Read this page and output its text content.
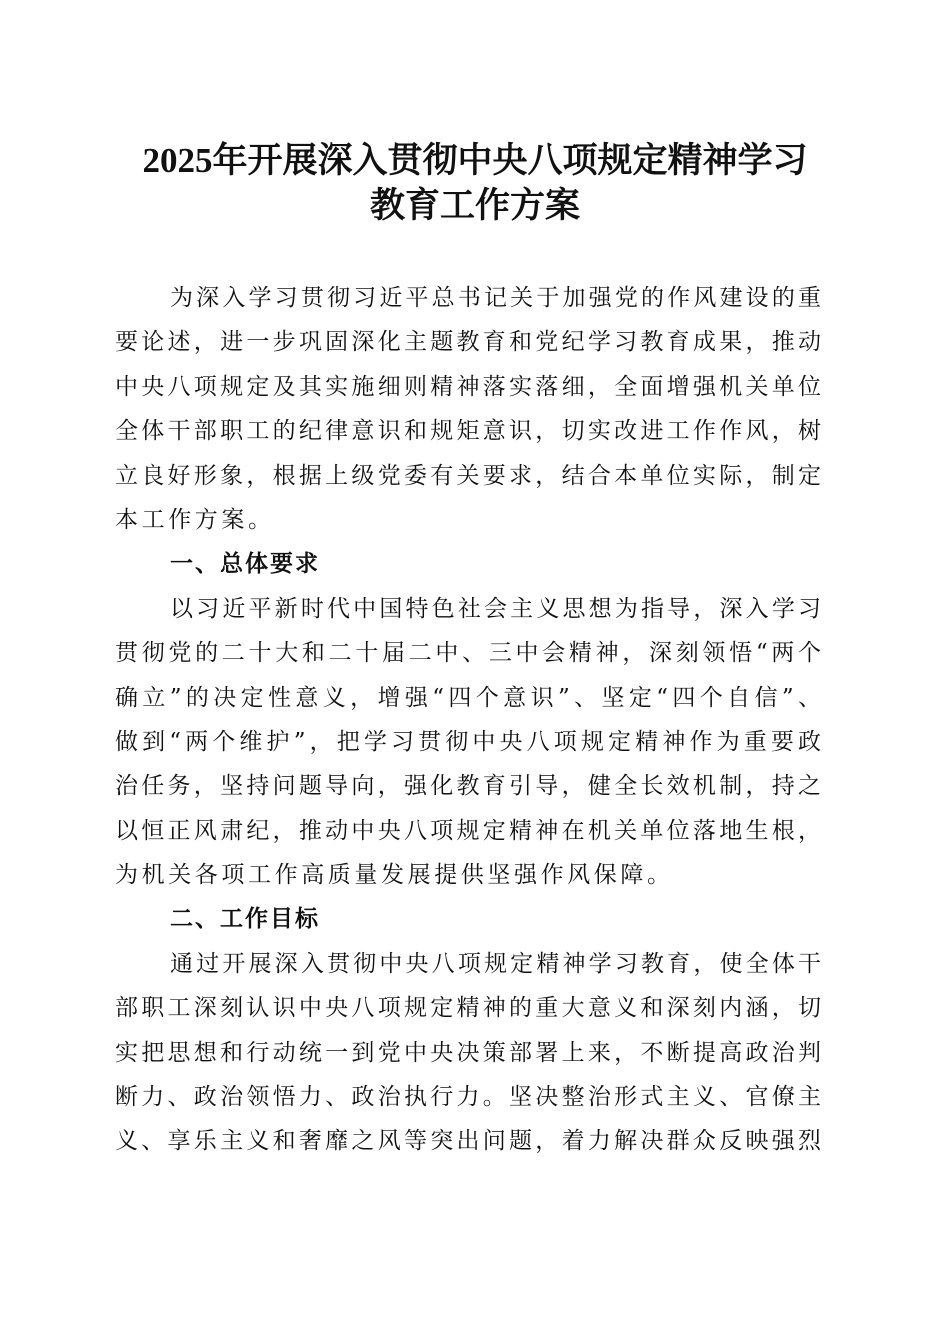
2025年开展深入贯彻中央八项规定精神学习
教育工作方案
为深入学习贯彻习近平总书记关于加强党的作风建设的重
要论述，进一步巩固深化主题教育和党纪学习教育成果，推动
中央八项规定及其实施细则精神落实落细，全面增强机关单位
全体干部职工的纪律意识和规矩意识，切实改进工作作风，树
立良好形象，根据上级党委有关要求，结合本单位实际，制定
本工作方案。
一、总体要求
以习近平新时代中国特色社会主义思想为指导，深入学习
贯彻党的二十大和二十届二中、三中会精神，深刻领悟“两个
确立”的决定性意义，增强“四个意识”、坚定“四个自信”、
做到“两个维护”，把学习贯彻中央八项规定精神作为重要政
治任务，坚持问题导向，强化教育引导，健全长效机制，持之
以恒正风肃纪，推动中央八项规定精神在机关单位落地生根，
为机关各项工作高质量发展提供坚强作风保障。
二、工作目标
通过开展深入贯彻中央八项规定精神学习教育，使全体干
部职工深刻认识中央八项规定精神的重大意义和深刻内涵，切
实把思想和行动统一到党中央决策部署上来，不断提高政治判
断力、政治领悟力、政治执行力。坚决整治形式主义、官僚主
义、享乐主义和奢靡之风等突出问题，着力解决群众反映强烈
